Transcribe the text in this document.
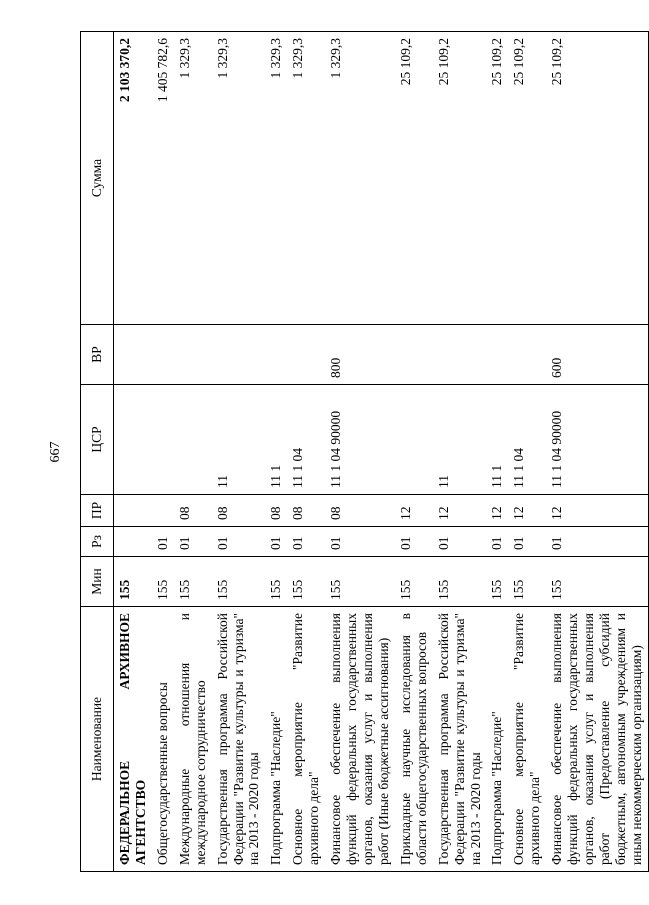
667
Наименование	Мин	Рз	ПР	ЦСР	ВР	Сумма
ФЕДЕРАЛЬНОЕ АРХИВНОЕ АГЕНТСТВО	155					2 103 370,2
Общегосударственные вопросы	155	01				1 405 782,6
Международные отношения и международное сотрудничество	155	01	08			1 329,3
Государственная программа Российской Федерации "Развитие культуры и туризма" на 2013 - 2020 годы	155	01	08	11		1 329,3
Подпрограмма "Наследие"	155	01	08	11 1		1 329,3
Основное мероприятие "Развитие архивного дела"	155	01	08	11 1 04		1 329,3
Финансовое обеспечение выполнения функций федеральных государственных органов, оказания услуг и выполнения работ (Иные бюджетные ассигнования)	155	01	08	11 1 04 90000	800	1 329,3
Прикладные научные исследования в области общегосударственных вопросов	155	01	12			25 109,2
Государственная программа Российской Федерации "Развитие культуры и туризма" на 2013 - 2020 годы	155	01	12	11		25 109,2
Подпрограмма "Наследие"	155	01	12	11 1		25 109,2
Основное мероприятие "Развитие архивного дела"	155	01	12	11 1 04		25 109,2
Финансовое обеспечение выполнения функций федеральных государственных органов, оказания услуг и выполнения работ (Предоставление субсидий бюджетным, автономным учреждениям и иным некоммерческим организациям)	155	01	12	11 1 04 90000	600	25 109,2
